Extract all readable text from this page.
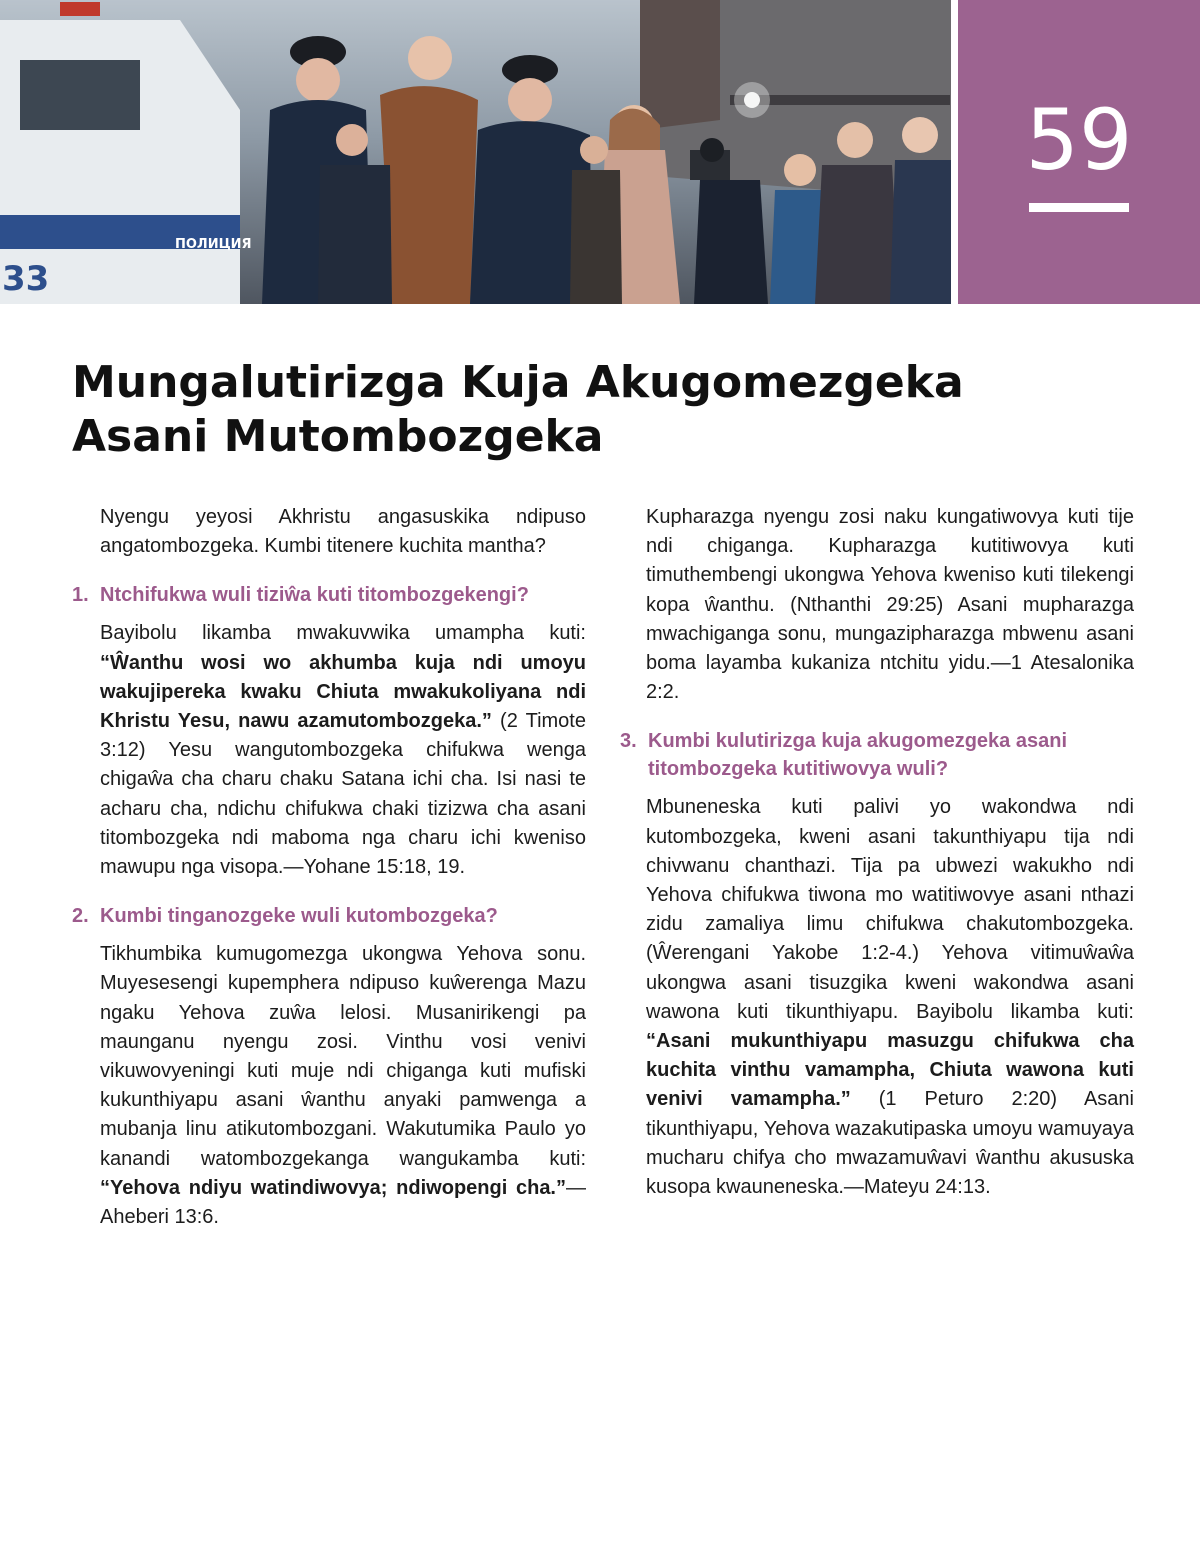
ПОЛИЦИЯ
33
59
Mungalutirizga Kuja Akugomezgeka Asani Mutombozgeka

Nyengu yeyosi Akhristu angasuskika ndipuso angatombozgeka. Kumbi titenere kuchita mantha?

1. Ntchifukwa wuli tiziŵa kuti titombozgekengi?

Bayibolu likamba mwakuvwika umampha kuti: “Ŵanthu wosi wo akhumba kuja ndi umoyu wakujipereka kwaku Chiuta mwakukoliyana ndi Khristu Yesu, nawu azamutombozgeka.” (2 Timote 3:12) Yesu wangutombozgeka chifukwa wenga chigaŵa cha charu chaku Satana ichi cha. Isi nasi te acharu cha, ndichu chifukwa chaki tizizwa cha asani titombozgeka ndi maboma nga charu ichi kweniso mawupu nga visopa.—Yohane 15:18, 19.

2. Kumbi tinganozgeke wuli kutombozgeka?

Tikhumbika kumugomezga ukongwa Yehova sonu. Muyesesengi kupemphera ndipuso kuŵerenga Mazu ngaku Yehova zuŵa lelosi. Musanirikengi pa maunganu nyengu zosi. Vinthu vosi venivi vikuwovyeningi kuti muje ndi chiganga kuti mufiski kukunthiyapu asani ŵanthu anyaki pamwenga a mubanja linu atikutombozgani. Wakutumika Paulo yo kanandi watombozgekanga wangukamba kuti: “Yehova ndiyu watindiwovya; ndiwopengi cha.”—Aheberi 13:6.

Kupharazga nyengu zosi naku kungatiwovya kuti tije ndi chiganga. Kupharazga kutitiwovya kuti timuthembengi ukongwa Yehova kweniso kuti tilekengi kopa ŵanthu. (Nthanthi 29:25) Asani mupharazga mwachiganga sonu, mungazipharazga mbwenu asani boma layamba kukaniza ntchitu yidu.—1 Atesalonika 2:2.

3. Kumbi kulutirizga kuja akugomezgeka asani titombozgeka kutitiwovya wuli?

Mbuneneska kuti palivi yo wakondwa ndi kutombozgeka, kweni asani takunthiyapu tija ndi chivwanu chanthazi. Tija pa ubwezi wakukho ndi Yehova chifukwa tiwona mo watitiwovye asani nthazi zidu zamaliya limu chifukwa chakutombozgeka. (Ŵerengani Yakobe 1:2-4.) Yehova vitimuŵaŵa ukongwa asani tisuzgika kweni wakondwa asani wawona kuti tikunthiyapu. Bayibolu likamba kuti: “Asani mukunthiyapu masuzgu chifukwa cha kuchita vinthu vamampha, Chiuta wawona kuti venivi vamampha.” (1 Peturo 2:20) Asani tikunthiyapu, Yehova wazakutipaska umoyu wamuyaya mucharu chifya cho mwazamuŵavi ŵanthu akususka kusopa kwauneneska.—Mateyu 24:13.
